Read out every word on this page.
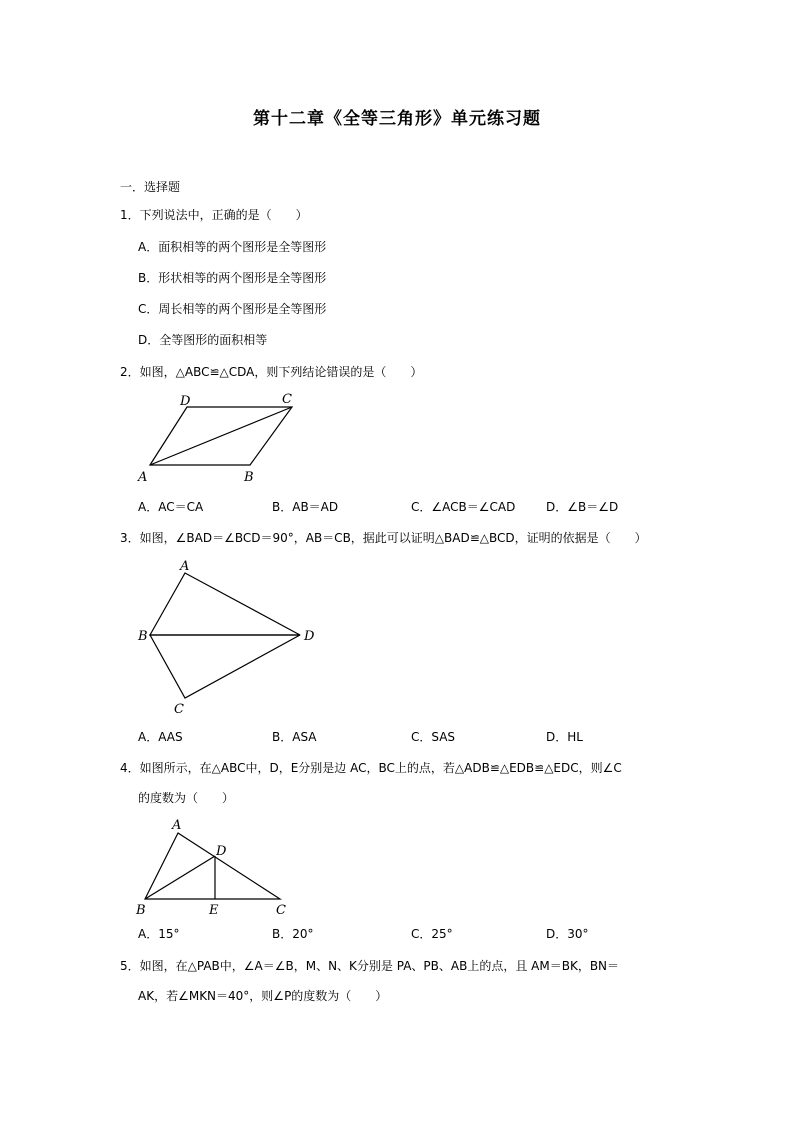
第十二章《全等三角形》单元练习题
一．选择题
1．下列说法中，正确的是（　　）
A．面积相等的两个图形是全等图形
B．形状相等的两个图形是全等图形
C．周长相等的两个图形是全等图形
D．全等图形的面积相等
2．如图，△ABC≌△CDA，则下列结论错误的是（　　）
D	C
A	B
A．AC＝CA	B．AB＝AD	C．∠ACB＝∠CAD	D．∠B＝∠D
3．如图，∠BAD＝∠BCD＝90°，AB＝CB，据此可以证明△BAD≌△BCD，证明的依据是（　　）
A
B
C
D
A．AAS	B．ASA	C．SAS	D．HL
4．如图所示，在△ABC中，D，E分别是边 AC，BC上的点，若△ADB≌△EDB≌△EDC，则∠C
的度数为（　　）
A
D
B	E	C
A．15°	B．20°	C．25°	D．30°
5．如图，在△PAB中，∠A＝∠B，M、N、K分别是 PA、PB、AB上的点，且 AM＝BK，BN＝
AK，若∠MKN＝40°，则∠P的度数为（　　）
